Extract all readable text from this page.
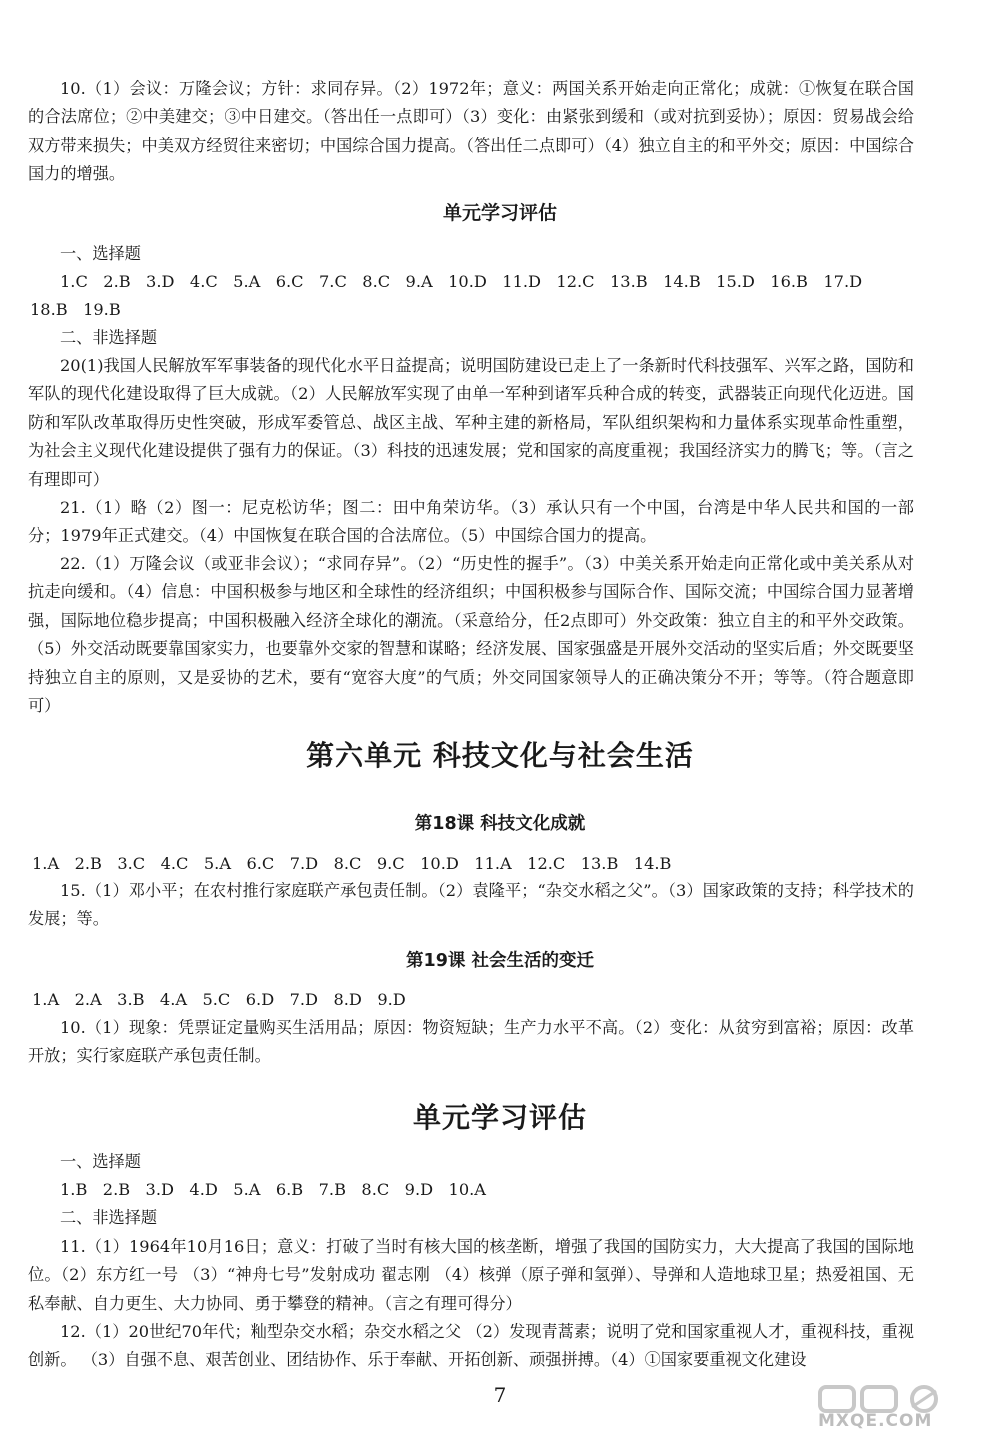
10.（1）会议：万隆会议；方针：求同存异。（2）1972年；意义：两国关系开始走向正常化；成就：①恢复在联合国的合法席位；②中美建交；③中日建交。（答出任一点即可）（3）变化：由紧张到缓和（或对抗到妥协）；原因：贸易战会给双方带来损失；中美双方经贸往来密切；中国综合国力提高。（答出任二点即可）（4）独立自主的和平外交；原因：中国综合国力的增强。

单元学习评估

一、选择题

1.C   2.B   3.D   4.C   5.A   6.C   7.C   8.C   9.A   10.D   11.D   12.C   13.B   14.B   15.D   16.B   17.D

18.B   19.B

二、非选择题

20(1)我国人民解放军军事装备的现代化水平日益提高；说明国防建设已走上了一条新时代科技强军、兴军之路，国防和军队的现代化建设取得了巨大成就。（2）人民解放军实现了由单一军种到诸军兵种合成的转变，武器装正向现代化迈进。国防和军队改革取得历史性突破，形成军委管总、战区主战、军种主建的新格局，军队组织架构和力量体系实现革命性重塑，为社会主义现代化建设提供了强有力的保证。（3）科技的迅速发展；党和国家的高度重视；我国经济实力的腾飞；等。（言之有理即可）

21.（1）略（2）图一：尼克松访华；图二：田中角荣访华。（3）承认只有一个中国，台湾是中华人民共和国的一部分；1979年正式建交。（4）中国恢复在联合国的合法席位。（5）中国综合国力的提高。

22.（1）万隆会议（或亚非会议）；“求同存异”。（2）“历史性的握手”。（3）中美关系开始走向正常化或中美关系从对抗走向缓和。（4）信息：中国积极参与地区和全球性的经济组织；中国积极参与国际合作、国际交流；中国综合国力显著增强，国际地位稳步提高；中国积极融入经济全球化的潮流。（采意给分，任2点即可）外交政策：独立自主的和平外交政策。（5）外交活动既要靠国家实力，也要靠外交家的智慧和谋略；经济发展、国家强盛是开展外交活动的坚实后盾；外交既要坚持独立自主的原则，又是妥协的艺术，要有“宽容大度”的气质；外交同国家领导人的正确决策分不开；等等。（符合题意即可）

第六单元 科技文化与社会生活
第18课 科技文化成就

1.A   2.B   3.C   4.C   5.A   6.C   7.D   8.C   9.C   10.D   11.A   12.C   13.B   14.B

15.（1）邓小平；在农村推行家庭联产承包责任制。（2）袁隆平；“杂交水稻之父”。（3）国家政策的支持；科学技术的发展；等。

第19课 社会生活的变迁

1.A   2.A   3.B   4.A   5.C   6.D   7.D   8.D   9.D

10.（1）现象：凭票证定量购买生活用品；原因：物资短缺；生产力水平不高。（2）变化：从贫穷到富裕；原因：改革开放；实行家庭联产承包责任制。

单元学习评估

一、选择题

1.B   2.B   3.D   4.D   5.A   6.B   7.B   8.C   9.D   10.A

二、非选择题

11.（1）1964年10月16日；意义：打破了当时有核大国的核垄断，增强了我国的国防实力，大大提高了我国的国际地位。（2）东方红一号 （3）“神舟七号”发射成功 翟志刚 （4）核弹（原子弹和氢弹）、导弹和人造地球卫星；热爱祖国、无私奉献、自力更生、大力协同、勇于攀登的精神。（言之有理可得分）

12.（1）20世纪70年代；籼型杂交水稻；杂交水稻之父 （2）发现青蒿素；说明了党和国家重视人才，重视科技，重视创新。 （3）自强不息、艰苦创业、团结协作、乐于奉献、开拓创新、顽强拼搏。（4）①国家要重视文化建设

7

MXQE.COM
